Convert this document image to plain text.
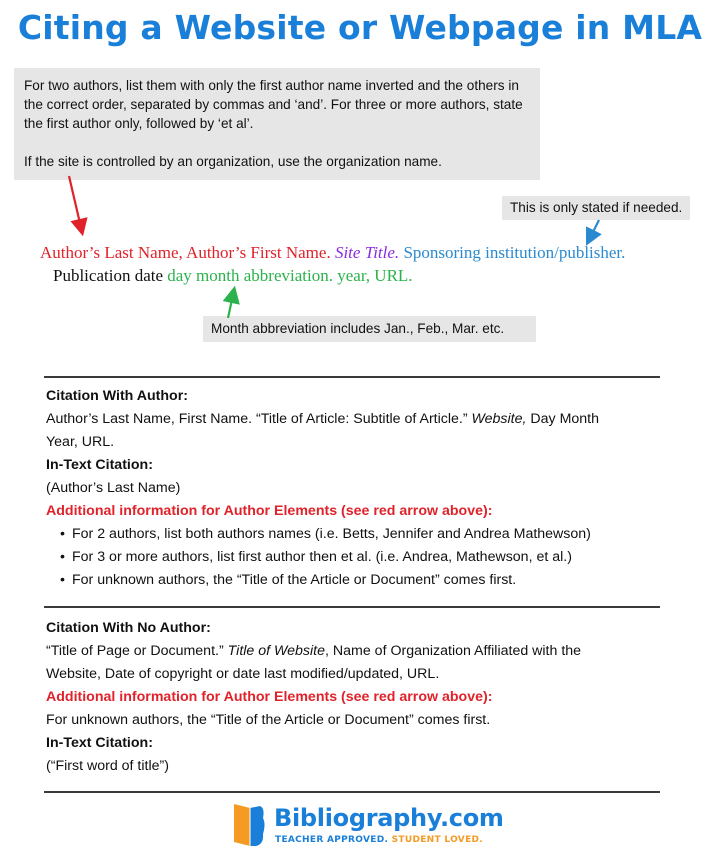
Citing a Website or Webpage in MLA

For two authors, list them with only the first author name inverted and the others in the correct order, separated by commas and ‘and’. For three or more authors, state the first author only, followed by ‘et al’.

If the site is controlled by an organization, use the organization name.

This is only stated if needed.
Author’s Last Name, Author’s First Name. Site Title. Sponsoring institution/publisher.
Publication date day month abbreviation. year, URL.
Month abbreviation includes Jan., Feb., Mar. etc.

Citation With Author:

Author’s Last Name, First Name. “Title of Article: Subtitle of Article.” Website, Day Month

Year, URL.

In-Text Citation:

(Author’s Last Name)

Additional information for Author Elements (see red arrow above):

• For 2 authors, list both authors names (i.e. Betts, Jennifer and Andrea Mathewson)
• For 3 or more authors, list first author then et al. (i.e. Andrea, Mathewson, et al.)
• For unknown authors, the “Title of the Article or Document” comes first.

Citation With No Author:

“Title of Page or Document.” Title of Website, Name of Organization Affiliated with the

Website, Date of copyright or date last modified/updated, URL.

Additional information for Author Elements (see red arrow above):

For unknown authors, the “Title of the Article or Document” comes first.

In-Text Citation:

(“First word of title”)

Bibliography.com
TEACHER APPROVED. STUDENT LOVED.
